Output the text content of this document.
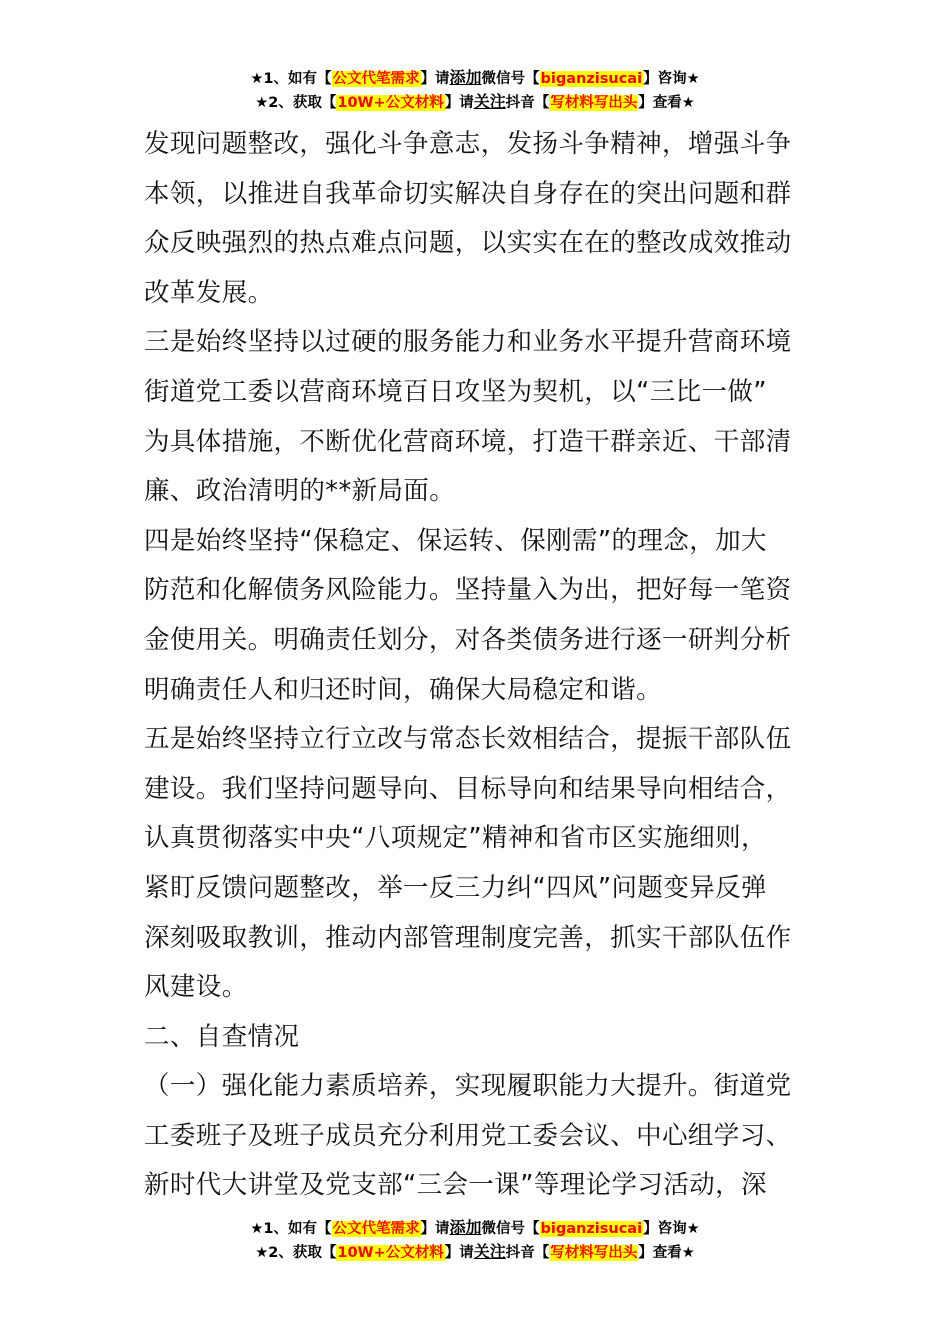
★1、如有【公文代笔需求】请添加微信号【biganzisucai】咨询★
★2、获取【10W+公文材料】请关注抖音【写材料写出头】查看★
发现问题整改，强化斗争意志，发扬斗争精神，增强斗争
本领，以推进自我革命切实解决自身存在的突出问题和群
众反映强烈的热点难点问题，以实实在在的整改成效推动
改革发展。
三是始终坚持以过硬的服务能力和业务水平提升营商环境
街道党工委以营商环境百日攻坚为契机，以“三比一做”
为具体措施，不断优化营商环境，打造干群亲近、干部清
廉、政治清明的**新局面。
四是始终坚持“保稳定、保运转、保刚需”的理念，加大
防范和化解债务风险能力。坚持量入为出，把好每一笔资
金使用关。明确责任划分，对各类债务进行逐一研判分析
明确责任人和归还时间，确保大局稳定和谐。
五是始终坚持立行立改与常态长效相结合，提振干部队伍
建设。我们坚持问题导向、目标导向和结果导向相结合，
认真贯彻落实中央“八项规定”精神和省市区实施细则，
紧盯反馈问题整改，举一反三力纠“四风”问题变异反弹
深刻吸取教训，推动内部管理制度完善，抓实干部队伍作
风建设。
二、自查情况
（一）强化能力素质培养，实现履职能力大提升。街道党
工委班子及班子成员充分利用党工委会议、中心组学习、
新时代大讲堂及党支部“三会一课”等理论学习活动，深
★1、如有【公文代笔需求】请添加微信号【biganzisucai】咨询★
★2、获取【10W+公文材料】请关注抖音【写材料写出头】查看★
